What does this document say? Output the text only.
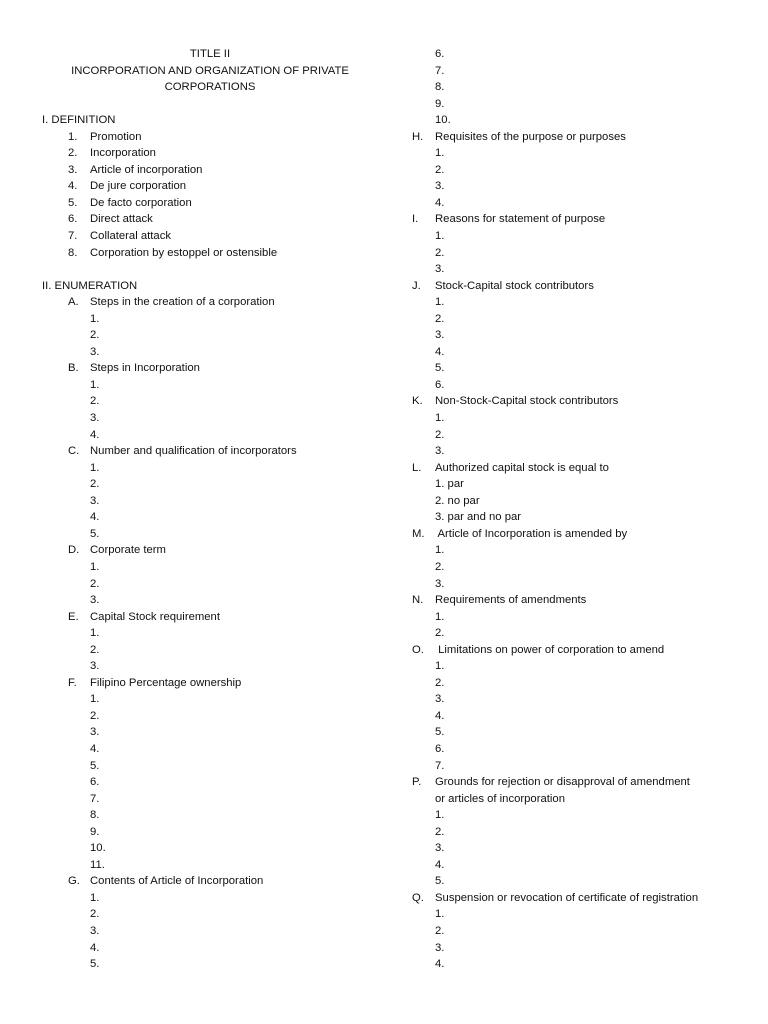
TITLE II
INCORPORATION AND ORGANIZATION OF PRIVATE
CORPORATIONS
I. DEFINITION
1. Promotion
2. Incorporation
3. Article of incorporation
4. De jure corporation
5. De facto corporation
6. Direct attack
7. Collateral attack
8. Corporation by estoppel or ostensible
II. ENUMERATION
A. Steps in the creation of a corporation
1.
2.
3.
B. Steps in Incorporation
1.
2.
3.
4.
C. Number and qualification of incorporators
1.
2.
3.
4.
5.
D. Corporate term
1.
2.
3.
E. Capital Stock requirement
1.
2.
3.
F. Filipino Percentage ownership
1.
2.
3.
4.
5.
6.
7.
8.
9.
10.
11.
G. Contents of Article of Incorporation
1.
2.
3.
4.
5.
6.
7.
8.
9.
10.
H. Requisites of the purpose or purposes
1.
2.
3.
4.
I. Reasons for statement of purpose
1.
2.
3.
J. Stock-Capital stock contributors
1.
2.
3.
4.
5.
6.
K. Non-Stock-Capital stock contributors
1.
2.
3.
L. Authorized capital stock is equal to
1. par
2. no par
3. par and no par
M. Article of Incorporation is amended by
1.
2.
3.
N. Requirements of amendments
1.
2.
O. Limitations on power of corporation to amend
1.
2.
3.
4.
5.
6.
7.
P. Grounds for rejection or disapproval of amendment
or articles of incorporation
1.
2.
3.
4.
5.
Q. Suspension or revocation of certificate of registration
1.
2.
3.
4.
